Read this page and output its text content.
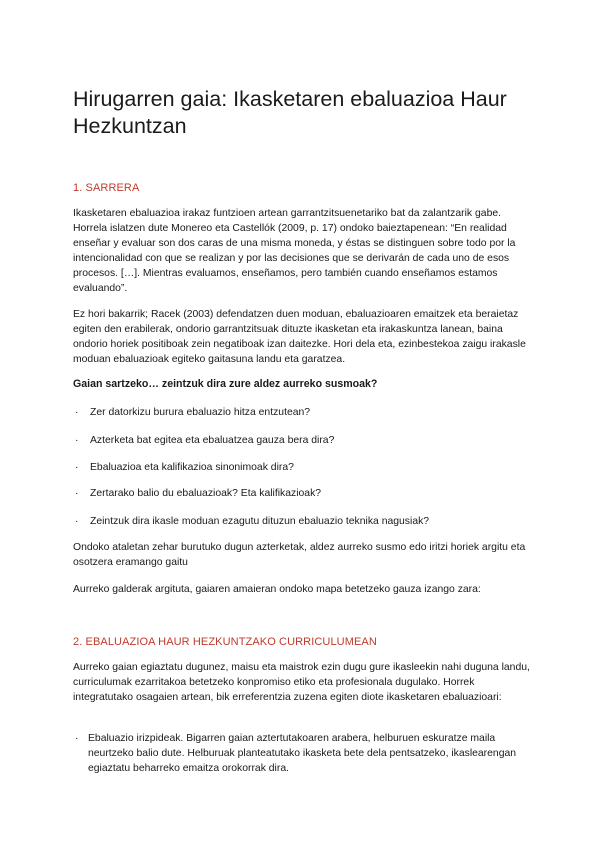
Hirugarren gaia: Ikasketaren ebaluazioa Haur Hezkuntzan
1. SARRERA

Ikasketaren ebaluazioa irakaz funtzioen artean garrantzitsuenetariko bat da zalantzarik gabe. Horrela islatzen dute Monereo eta Castellók (2009, p. 17) ondoko baieztapenean: “En realidad enseñar y evaluar son dos caras de una misma moneda, y éstas se distinguen sobre todo por la intencionalidad con que se realizan y por las decisiones que se derivarán de cada uno de esos procesos. […]. Mientras evaluamos, enseñamos, pero también cuando enseñamos estamos evaluando”.

Ez hori bakarrik; Racek (2003) defendatzen duen moduan, ebaluazioaren emaitzek eta beraietaz egiten den erabilerak, ondorio garrantzitsuak dituzte ikasketan eta irakaskuntza lanean, baina ondorio horiek positiboak zein negatiboak izan daitezke. Hori dela eta, ezinbestekoa zaigu irakasle moduan ebaluazioak egiteko gaitasuna landu eta garatzea.

Gaian sartzeko… zeintzuk dira zure aldez aurreko susmoak?

· Zer datorkizu burura ebaluazio hitza entzutean?
· Azterketa bat egitea eta ebaluatzea gauza bera dira?
· Ebaluazioa eta kalifikazioa sinonimoak dira?
· Zertarako balio du ebaluazioak? Eta kalifikazioak?
· Zeintzuk dira ikasle moduan ezagutu dituzun ebaluazio teknika nagusiak?

Ondoko ataletan zehar burutuko dugun azterketak, aldez aurreko susmo edo iritzi horiek argitu eta osotzera eramango gaitu

Aurreko galderak argituta, gaiaren amaieran ondoko mapa betetzeko gauza izango zara:

2. EBALUAZIOA HAUR HEZKUNTZAKO CURRICULUMEAN

Aurreko gaian egiaztatu dugunez, maisu eta maistrok ezin dugu gure ikasleekin nahi duguna landu, curriculumak ezarritakoa betetzeko konpromiso etiko eta profesionala dugulako. Horrek integratutako osagaien artean, bik erreferentzia zuzena egiten diote ikasketaren ebaluazioari:

· Ebaluazio irizpideak. Bigarren gaian aztertutakoaren arabera, helburuen eskuratze maila neurtzeko balio dute. Helburuak planteatutako ikasketa bete dela pentsatzeko, ikaslearengan egiaztatu beharreko emaitza orokorrak dira.
